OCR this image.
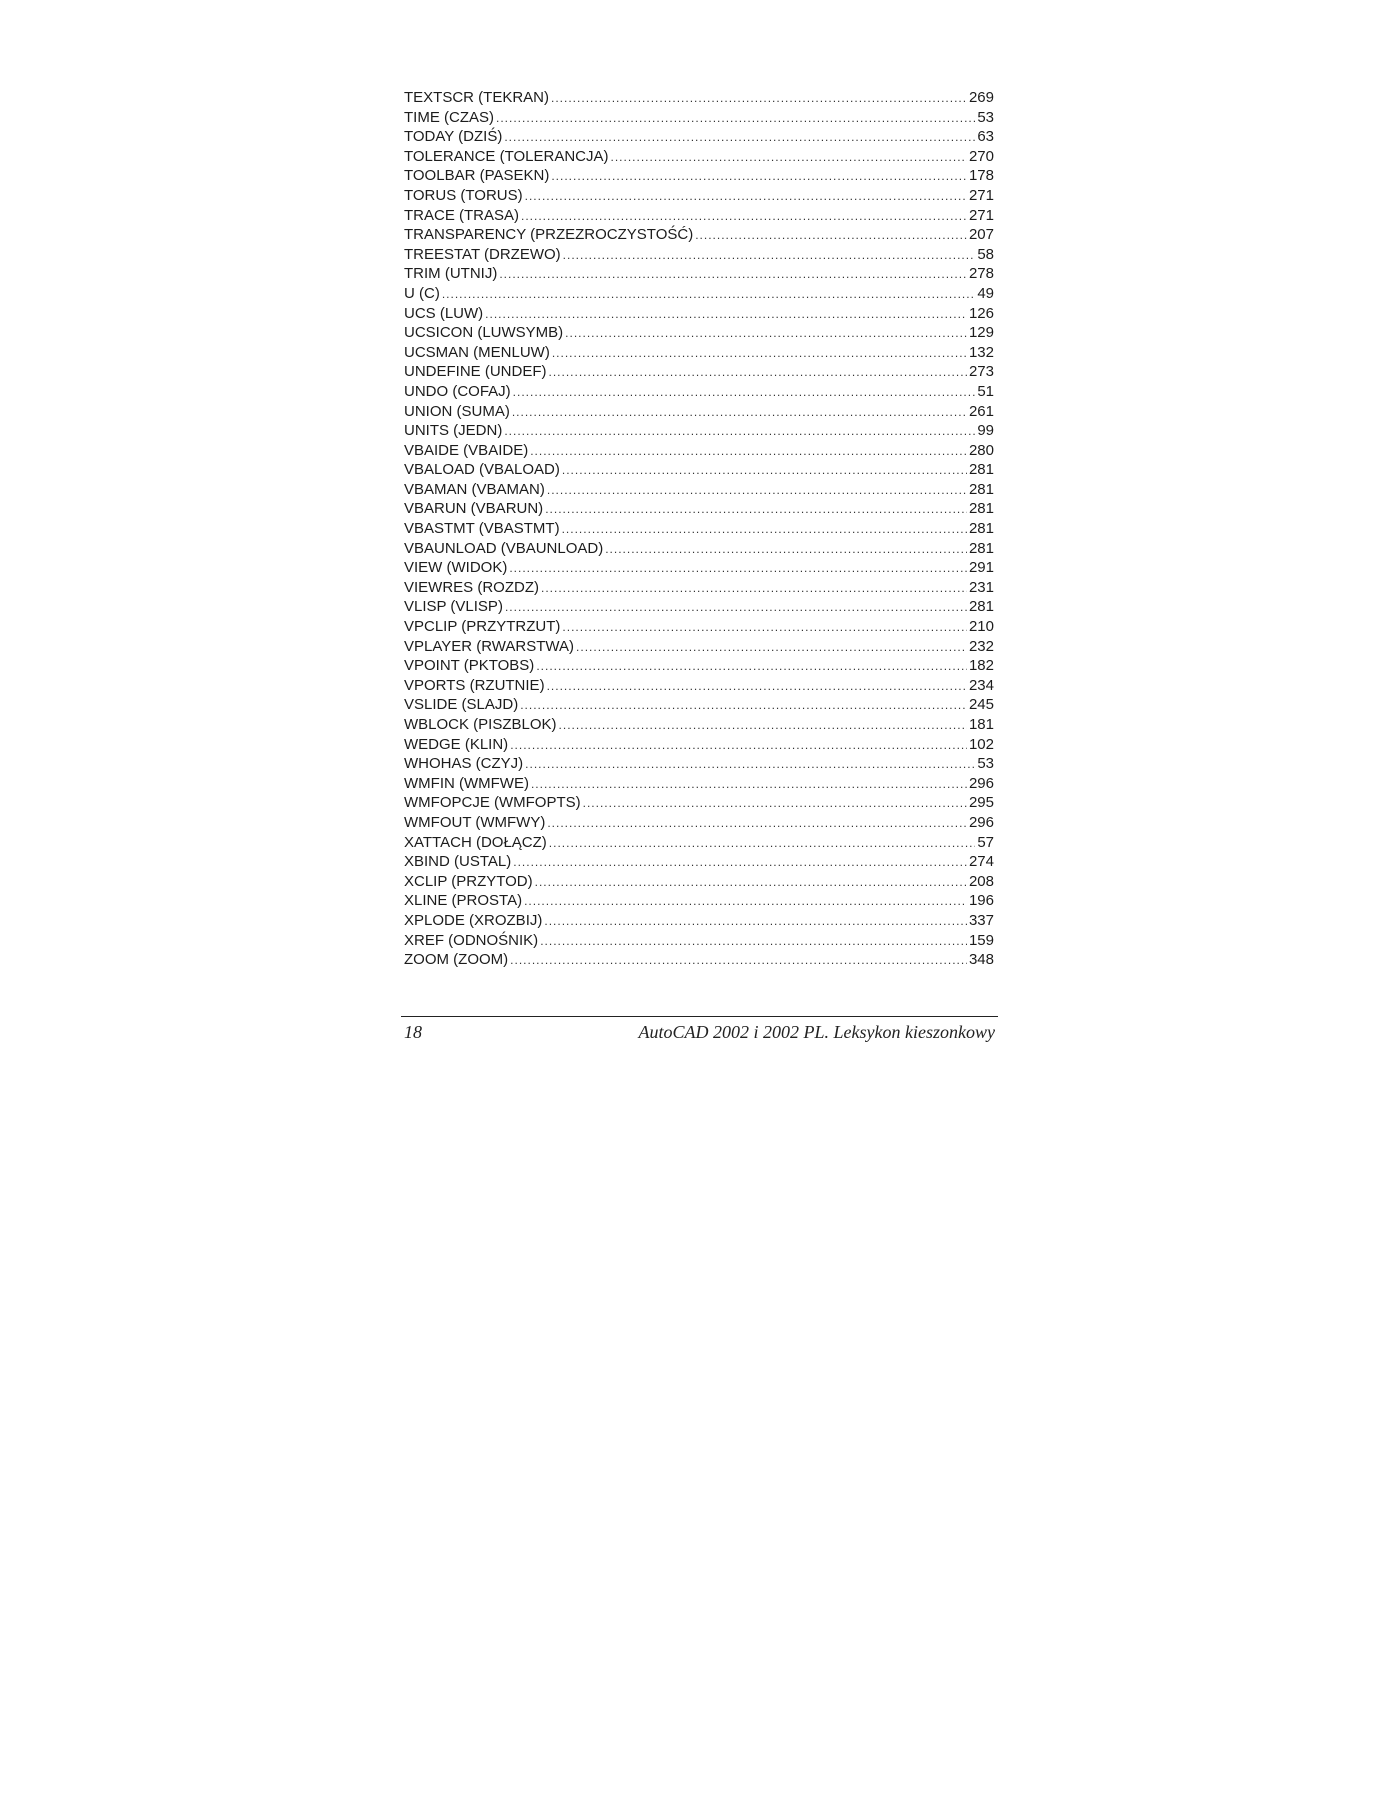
TEXTSCR (TEKRAN) .....	269
TIME (CZAS) .....	53
TODAY (DZIŚ) .....	63
TOLERANCE (TOLERANCJA) .....	270
TOOLBAR (PASEKN) .....	178
TORUS (TORUS) .....	271
TRACE (TRASA) .....	271
TRANSPARENCY (PRZEZROCZYSTOŚĆ) .....	207
TREESTAT (DRZEWO) .....	58
TRIM (UTNIJ) .....	278
U (C) .....	49
UCS (LUW) .....	126
UCSICON (LUWSYMB) .....	129
UCSMAN (MENLUW) .....	132
UNDEFINE (UNDEF) .....	273
UNDO (COFAJ) .....	51
UNION (SUMA) .....	261
UNITS (JEDN) .....	99
VBAIDE (VBAIDE) .....	280
VBALOAD (VBALOAD) .....	281
VBAMAN (VBAMAN) .....	281
VBARUN (VBARUN) .....	281
VBASTMT (VBASTMT) .....	281
VBAUNLOAD (VBAUNLOAD) .....	281
VIEW (WIDOK) .....	291
VIEWRES (ROZDZ) .....	231
VLISP (VLISP) .....	281
VPCLIP (PRZYTRZUT) .....	210
VPLAYER (RWARSTWA) .....	232
VPOINT (PKTOBS) .....	182
VPORTS (RZUTNIE) .....	234
VSLIDE (SLAJD) .....	245
WBLOCK (PISZBLOK) .....	181
WEDGE (KLIN) .....	102
WHOHAS (CZYJ) .....	53
WMFIN (WMFWE) .....	296
WMFOPCJE (WMFOPTS) .....	295
WMFOUT (WMFWY) .....	296
XATTACH (DOŁĄCZ) .....	57
XBIND (USTAL) .....	274
XCLIP (PRZYTOD) .....	208
XLINE (PROSTA) .....	196
XPLODE (XROZBIJ) .....	337
XREF (ODNOŚNIK) .....	159
ZOOM (ZOOM) .....	348
18	AutoCAD 2002 i 2002 PL. Leksykon kieszonkowy
